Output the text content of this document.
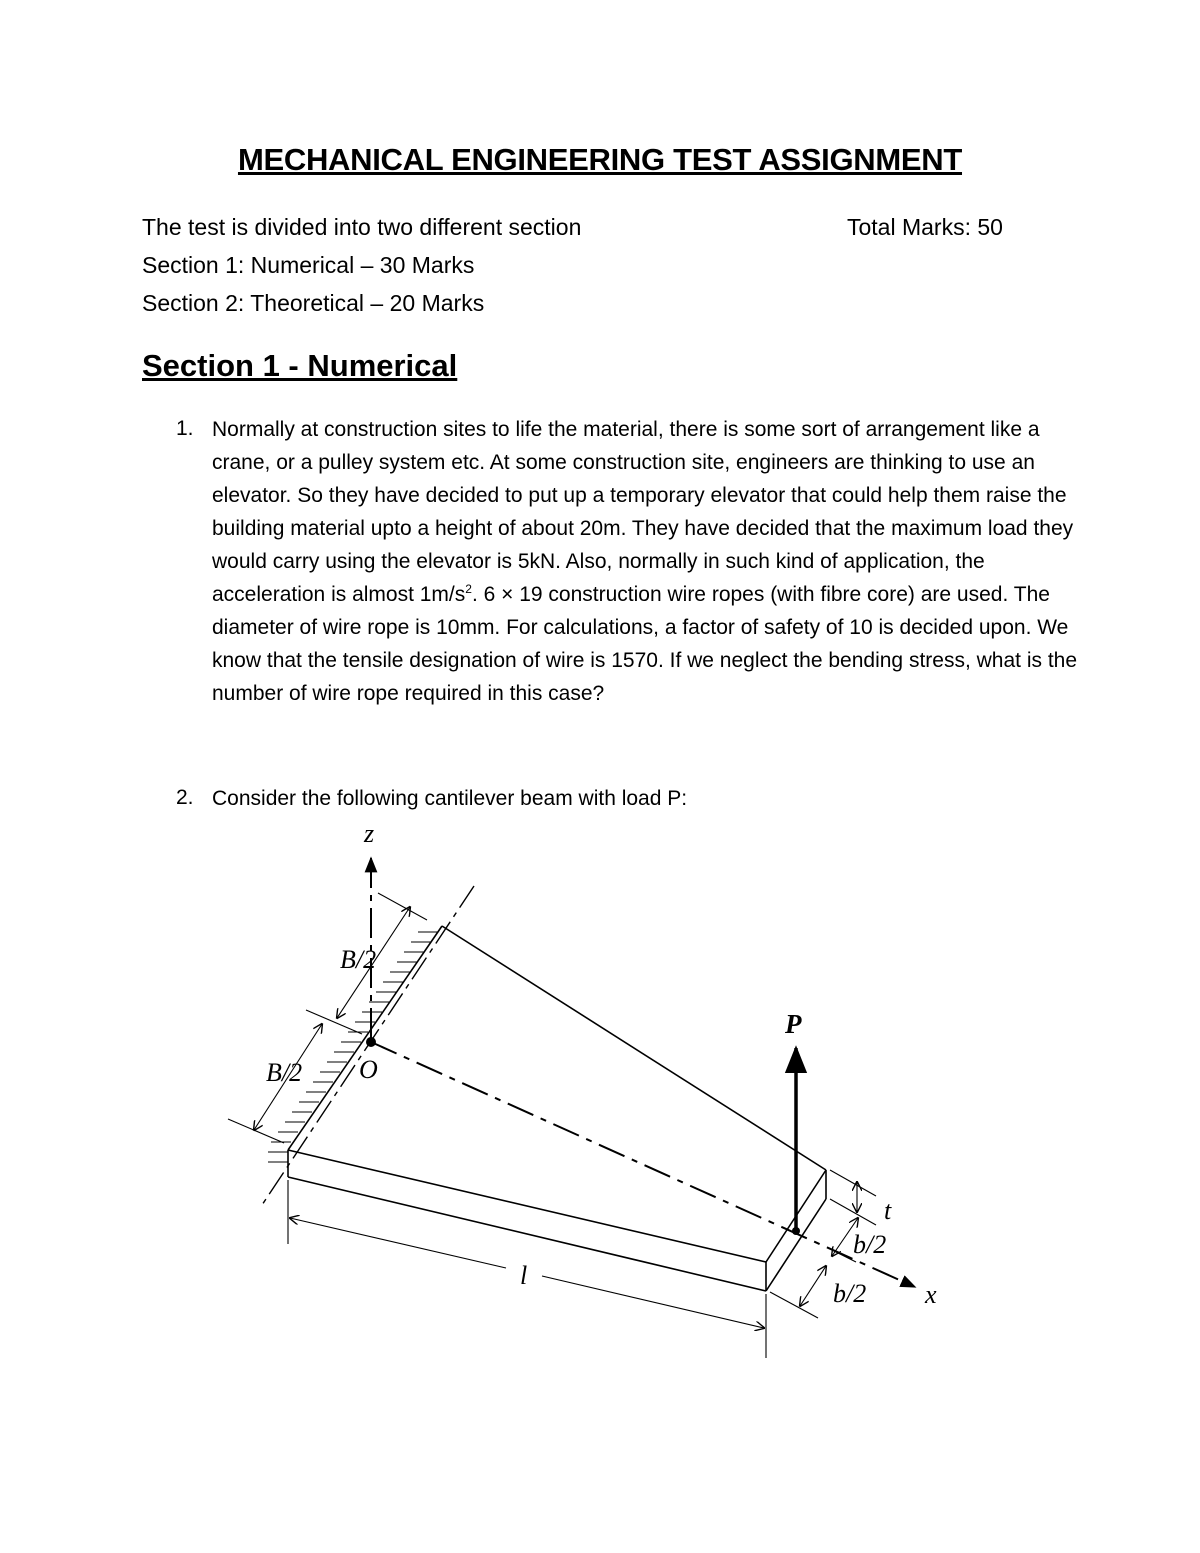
MECHANICAL ENGINEERING TEST ASSIGNMENT
The test is divided into two different section	Total Marks: 50
Section 1: Numerical – 30 Marks
Section 2: Theoretical – 20 Marks
Section 1 - Numerical
1. Normally at construction sites to life the material, there is some sort of arrangement like a crane, or a pulley system etc. At some construction site, engineers are thinking to use an elevator. So they have decided to put up a temporary elevator that could help them raise the building material upto a height of about 20m. They have decided that the maximum load they would carry using the elevator is 5kN. Also, normally in such kind of application, the acceleration is almost $1m/s^2$. 6 × 19 construction wire ropes (with fibre core) are used. The diameter of wire rope is 10mm. For calculations, a factor of safety of 10 is decided upon. We know that the tensile designation of wire is 1570. If we neglect the bending stress, what is the number of wire rope required in this case?
2. Consider the following cantilever beam with load P:
z
x
P
O
B/2
B/2
l
t
b/2
b/2
